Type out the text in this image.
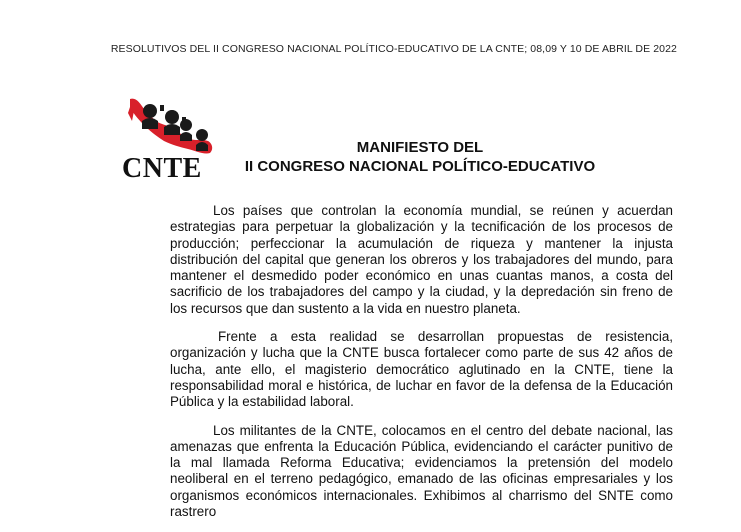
RESOLUTIVOS DEL II CONGRESO NACIONAL POLÍTICO-EDUCATIVO DE LA CNTE; 08,09 Y 10 DE ABRIL DE 2022
CNTE
MANIFIESTO DEL
II CONGRESO NACIONAL POLÍTICO-EDUCATIVO

Los países que controlan la economía mundial, se reúnen y acuerdan estrategias para perpetuar la globalización y la tecnificación de los procesos de producción; perfeccionar la acumulación de riqueza y mantener la injusta distribución del capital que generan los obreros y los trabajadores del mundo, para mantener el desmedido poder económico en unas cuantas manos, a costa del sacrificio de los trabajadores del campo y la ciudad, y la depredación sin freno de los recursos que dan sustento a la vida en nuestro planeta.

Frente a esta realidad se desarrollan propuestas de resistencia, organización y lucha que la CNTE busca fortalecer como parte de sus 42 años de lucha, ante ello, el magisterio democrático aglutinado en la CNTE, tiene la responsabilidad moral e histórica, de luchar en favor de la defensa de la Educación Pública y la estabilidad laboral.

Los militantes de la CNTE, colocamos en el centro del debate nacional, las amenazas que enfrenta la Educación Pública, evidenciando el carácter punitivo de la mal llamada Reforma Educativa; evidenciamos la pretensión del modelo neoliberal en el terreno pedagógico, emanado de las oficinas empresariales y los organismos económicos internacionales. Exhibimos al charrismo del SNTE como rastrero
